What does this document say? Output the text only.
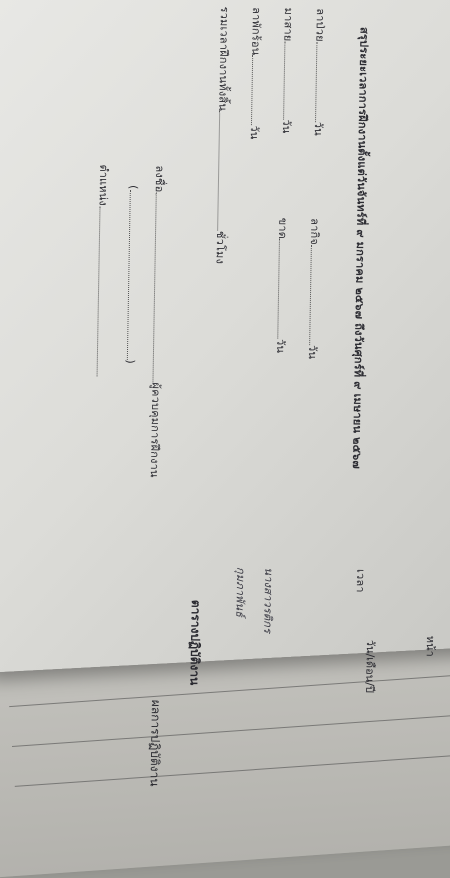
สรุประยะเวลาการฝึกงานตั้งแต่วันจันทร์ที่ ๙ มกราคม ๒๕๖๗ ถึงวันศุกร์ที่ ๙ เมษายน ๒๕๖๗
ลาป่วยวัน
ลากิจวัน
มาสายวัน
ขาดวัน
ลาพักร้อนวัน
รวมเวลาฝึกงานทั้งสิ้นชั่วโมง
ลงชื่อผู้ควบคุมการฝึกงาน
()
ตำแหน่ง
เวลา
นางสาวรติกร
กุมภาพันธ์
ตารางปฏิบัติงาน
ผลการปฏิบัติงาน
วัน/เดือน/ปี	หน้า
